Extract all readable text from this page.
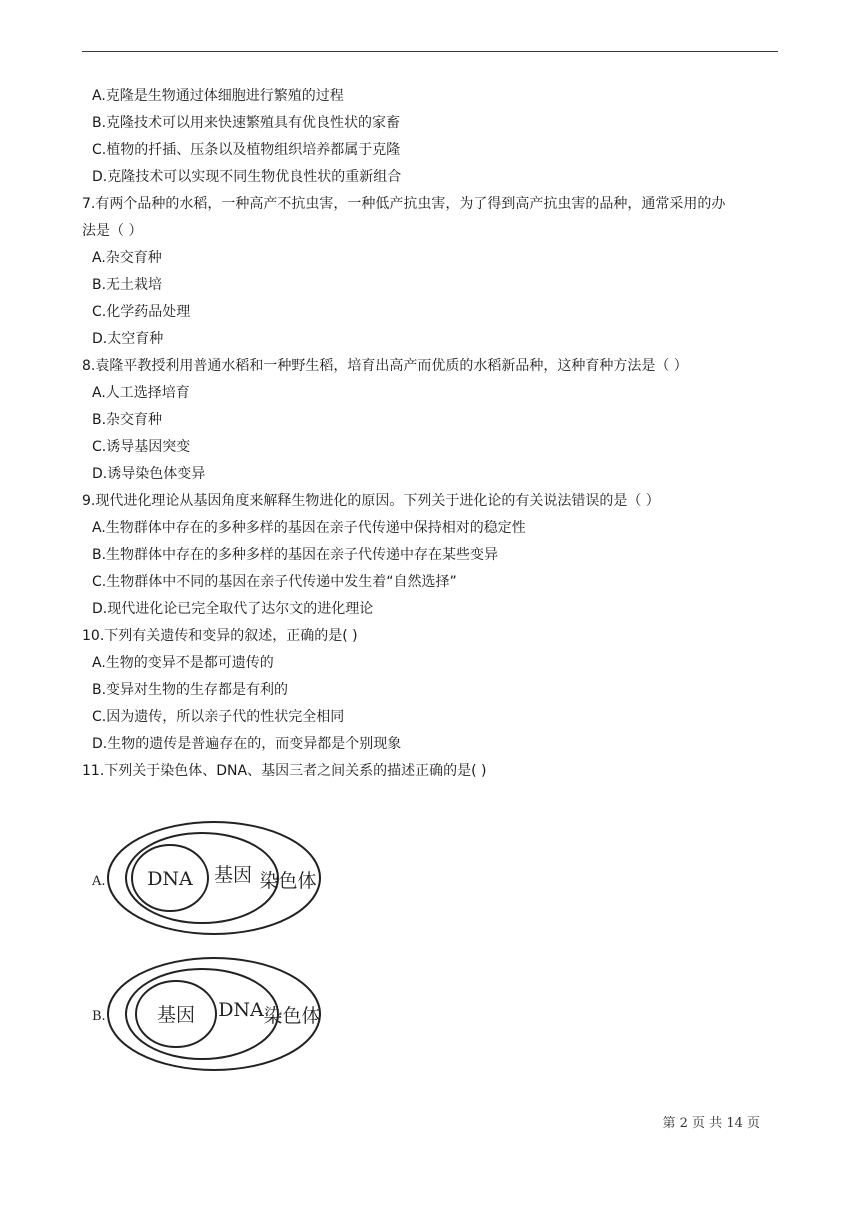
A.克隆是生物通过体细胞进行繁殖的过程
B.克隆技术可以用来快速繁殖具有优良性状的家畜
C.植物的扦插、压条以及植物组织培养都属于克隆
D.克隆技术可以实现不同生物优良性状的重新组合
7.有两个品种的水稻，一种高产不抗虫害，一种低产抗虫害，为了得到高产抗虫害的品种，通常采用的办
法是（ ）
A.杂交育种
B.无土栽培
C.化学药品处理
D.太空育种
8.袁隆平教授利用普通水稻和一种野生稻，培育出高产而优质的水稻新品种，这种育种方法是（ ）
A.人工选择培育
B.杂交育种
C.诱导基因突变
D.诱导染色体变异
9.现代进化理论从基因角度来解释生物进化的原因。下列关于进化论的有关说法错误的是（ ）
A.生物群体中存在的多种多样的基因在亲子代传递中保持相对的稳定性
B.生物群体中存在的多种多样的基因在亲子代传递中存在某些变异
C.生物群体中不同的基因在亲子代传递中发生着“自然选择”
D.现代进化论已完全取代了达尔文的进化理论
10.下列有关遗传和变异的叙述，正确的是( )
A.生物的变异不是都可遗传的
B.变异对生物的生存都是有利的
C.因为遗传，所以亲子代的性状完全相同
D.生物的遗传是普遍存在的，而变异都是个别现象
11.下列关于染色体、DNA、基因三者之间关系的描述正确的是( )
A. DNA 基因 染色体
B.	基因 DNA 染色体
第 2 页 共 14 页
